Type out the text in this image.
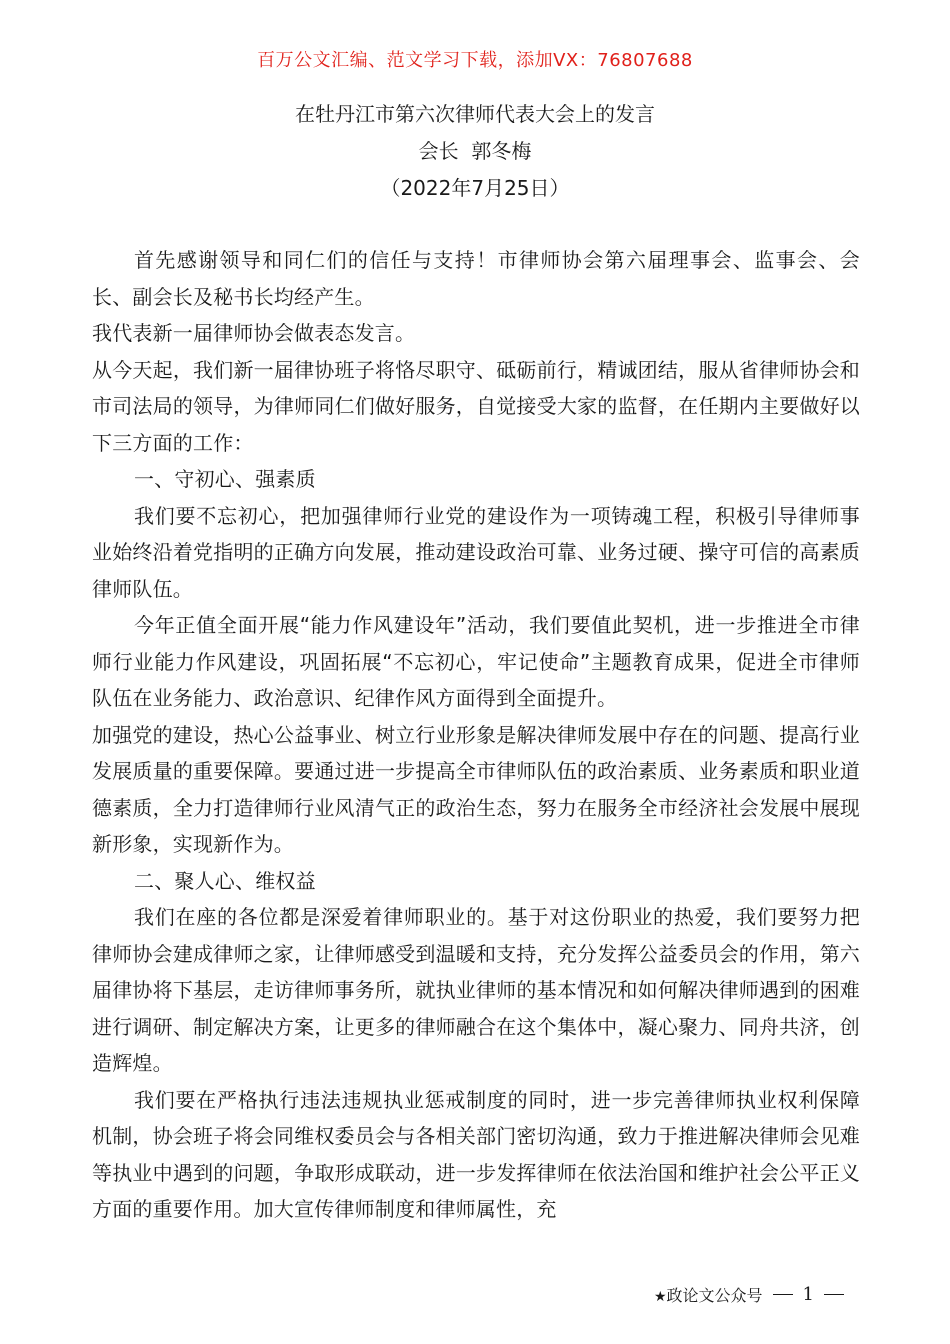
百万公文汇编、范文学习下载，添加VX：76807688
在牡丹江市第六次律师代表大会上的发言
会长  郭冬梅
（2022年7月25日）

首先感谢领导和同仁们的信任与支持！市律师协会第六届理事会、监事会、会长、副会长及秘书长均经产生。

我代表新一届律师协会做表态发言。

从今天起，我们新一届律协班子将恪尽职守、砥砺前行，精诚团结，服从省律师协会和市司法局的领导，为律师同仁们做好服务，自觉接受大家的监督，在任期内主要做好以下三方面的工作：

一、守初心、强素质

我们要不忘初心，把加强律师行业党的建设作为一项铸魂工程，积极引导律师事业始终沿着党指明的正确方向发展，推动建设政治可靠、业务过硬、操守可信的高素质律师队伍。

今年正值全面开展“能力作风建设年”活动，我们要值此契机，进一步推进全市律师行业能力作风建设，巩固拓展“不忘初心，牢记使命”主题教育成果，促进全市律师队伍在业务能力、政治意识、纪律作风方面得到全面提升。

加强党的建设，热心公益事业、树立行业形象是解决律师发展中存在的问题、提高行业发展质量的重要保障。要通过进一步提高全市律师队伍的政治素质、业务素质和职业道德素质，全力打造律师行业风清气正的政治生态，努力在服务全市经济社会发展中展现新形象，实现新作为。

二、聚人心、维权益

我们在座的各位都是深爱着律师职业的。基于对这份职业的热爱，我们要努力把律师协会建成律师之家，让律师感受到温暖和支持，充分发挥公益委员会的作用，第六届律协将下基层，走访律师事务所，就执业律师的基本情况和如何解决律师遇到的困难进行调研、制定解决方案，让更多的律师融合在这个集体中，凝心聚力、同舟共济，创造辉煌。

我们要在严格执行违法违规执业惩戒制度的同时，进一步完善律师执业权利保障机制，协会班子将会同维权委员会与各相关部门密切沟通，致力于推进解决律师会见难等执业中遇到的问题，争取形成联动，进一步发挥律师在依法治国和维护社会公平正义方面的重要作用。加大宣传律师制度和律师属性，充

★政论文公众号 1
